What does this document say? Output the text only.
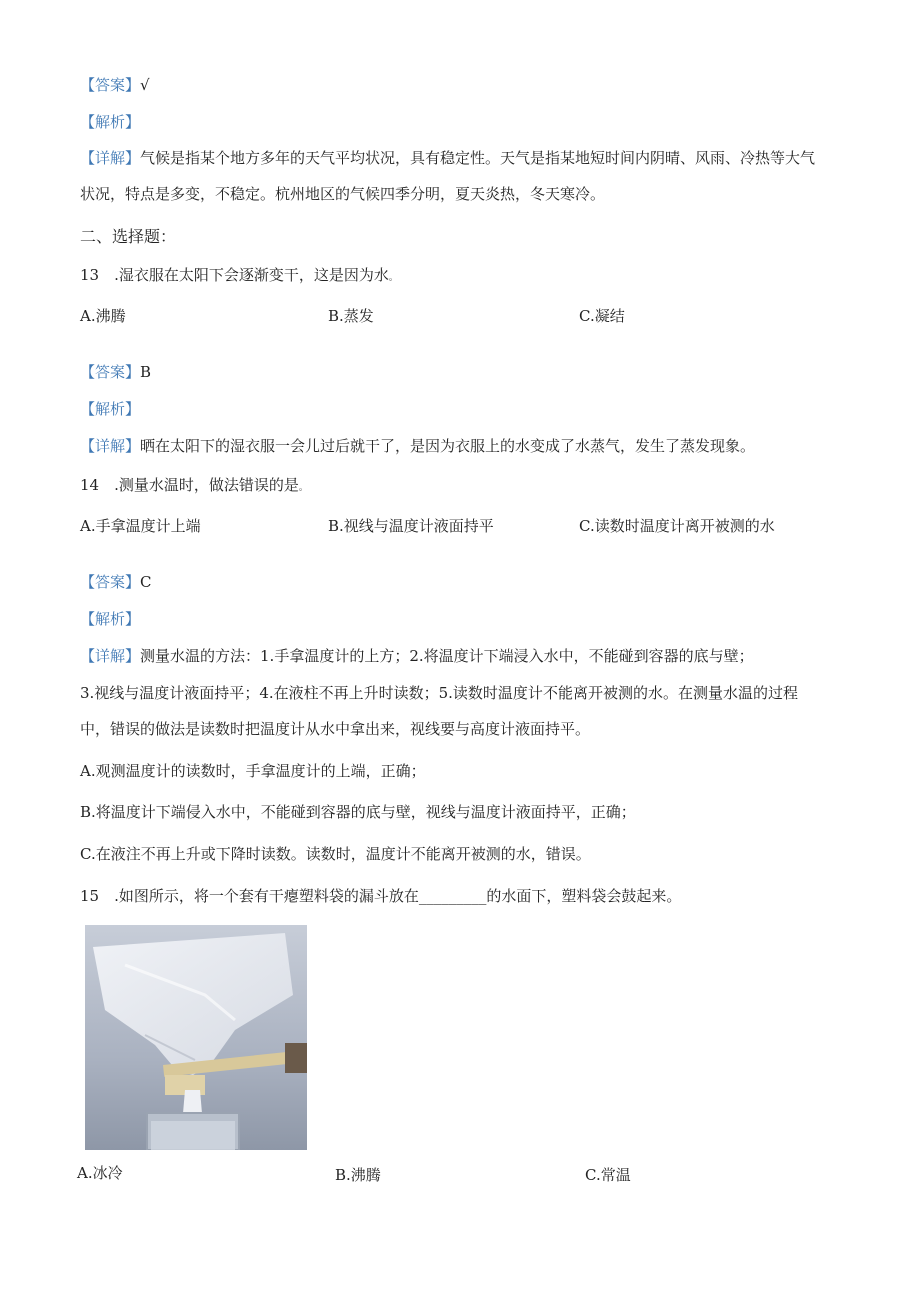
【答案】√
【解析】
【详解】气候是指某个地方多年的天气平均状况，具有稳定性。天气是指某地短时间内阴晴、风雨、冷热等大气
状况，特点是多变，不稳定。杭州地区的气候四季分明，夏天炎热，冬天寒冷。
二、选择题：
13　.湿衣服在太阳下会逐渐变干，这是因为水。
A.沸腾	B.蒸发	C.凝结
【答案】B
【解析】
【详解】晒在太阳下的湿衣服一会儿过后就干了，是因为衣服上的水变成了水蒸气，发生了蒸发现象。
14　.测量水温时，做法错误的是。
A.手拿温度计上端	B.视线与温度计液面持平	C.读数时温度计离开被测的水
【答案】C
【解析】
【详解】测量水温的方法：1.手拿温度计的上方；2.将温度计下端浸入水中，不能碰到容器的底与壁；
3.视线与温度计液面持平；4.在液柱不再上升时读数；5.读数时温度计不能离开被测的水。在测量水温的过程
中，错误的做法是读数时把温度计从水中拿出来，视线要与高度计液面持平。
A.观测温度计的读数时，手拿温度计的上端，正确；
B.将温度计下端侵入水中，不能碰到容器的底与壁，视线与温度计液面持平，正确；
C.在液注不再上升或下降时读数。读数时，温度计不能离开被测的水，错误。
15　.如图所示，将一个套有干瘪塑料袋的漏斗放在_________的水面下，塑料袋会鼓起来。
A.冰冷	B.沸腾	C.常温
